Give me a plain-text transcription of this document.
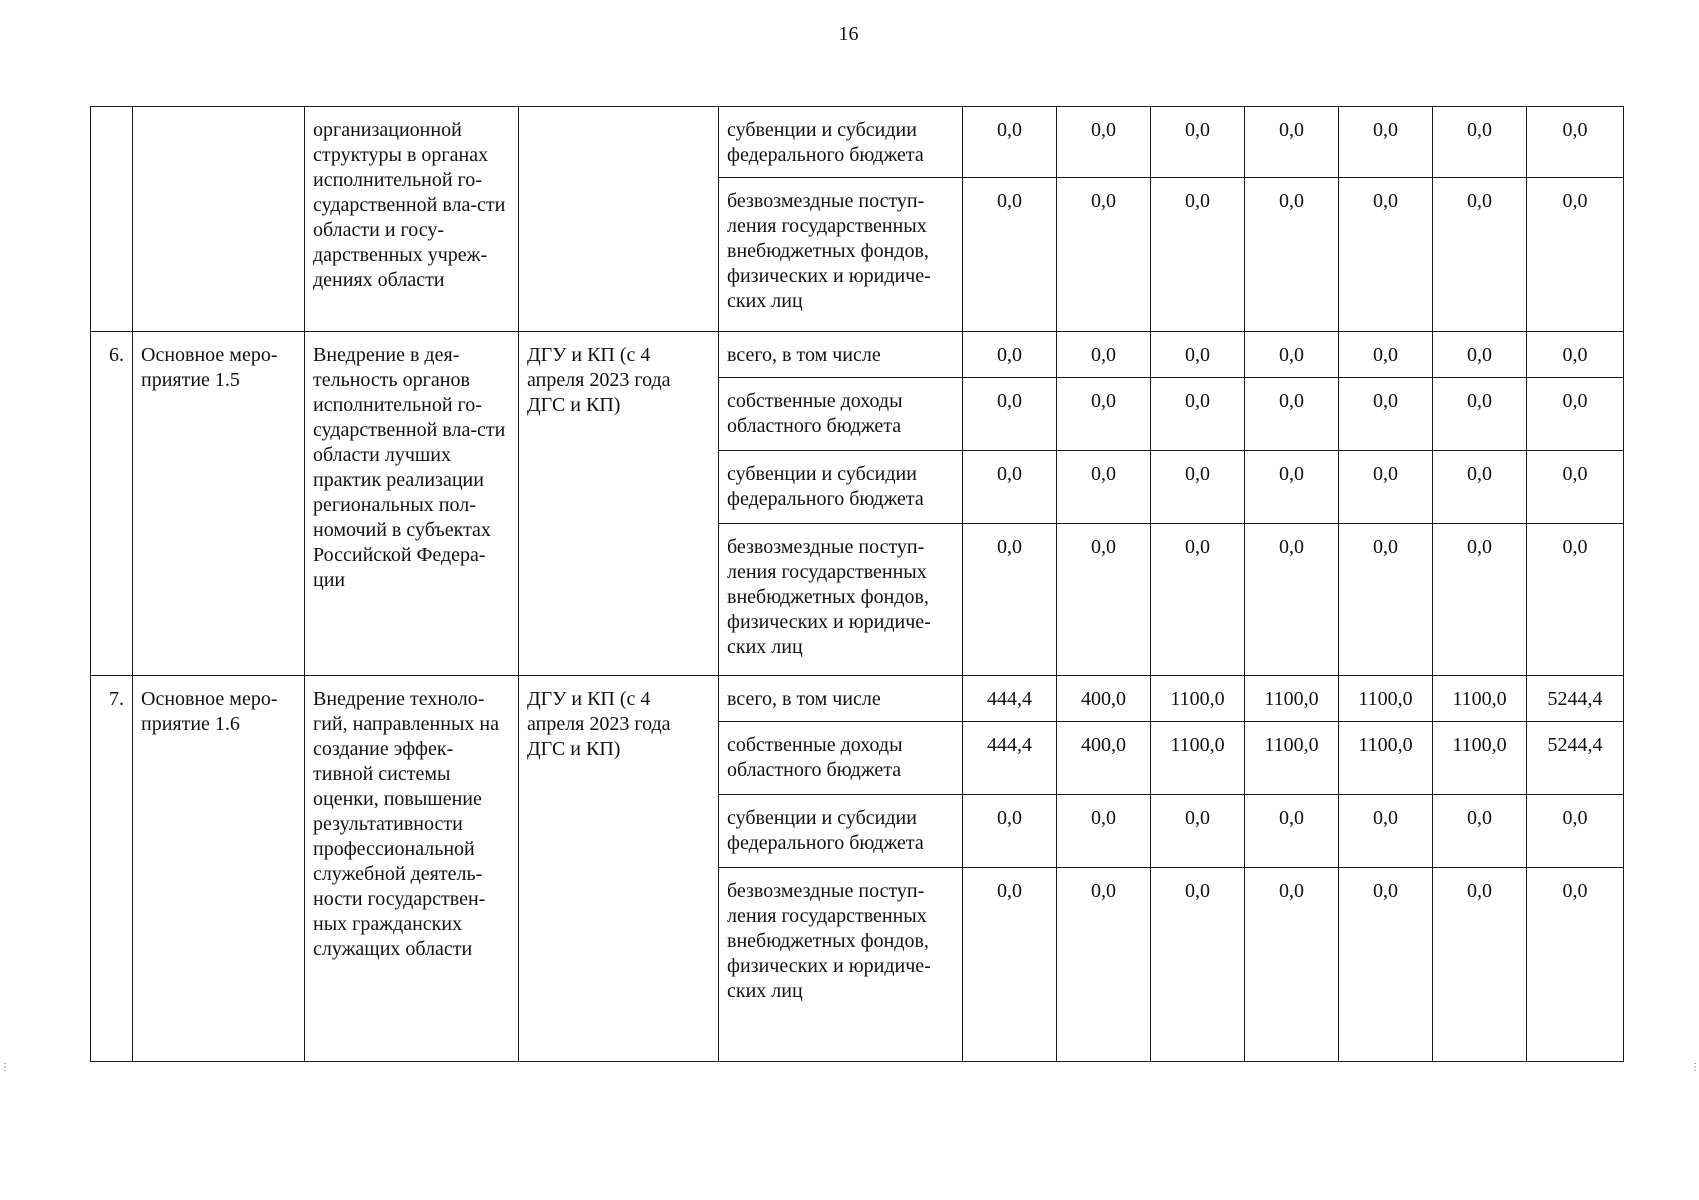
16
		организационной структуры в органах исполнительной го-сударственной вла-сти области и госу-дарственных учреж-дениях области		субвенции и субсидии федерального бюджета	0,0	0,0	0,0	0,0	0,0	0,0	0,0
				безвозмездные поступ-ления государственных внебюджетных фондов, физических и юридиче-ских лиц	0,0	0,0	0,0	0,0	0,0	0,0	0,0
6.	Основное меро-приятие 1.5	Внедрение в дея-тельность органов исполнительной го-сударственной вла-сти области лучших практик реализации региональных пол-номочий в субъектах Российской Федера-ции	ДГУ и КП (с 4 апреля 2023 года ДГС и КП)	всего, в том числе	0,0	0,0	0,0	0,0	0,0	0,0	0,0
				собственные доходы областного бюджета	0,0	0,0	0,0	0,0	0,0	0,0	0,0
				субвенции и субсидии федерального бюджета	0,0	0,0	0,0	0,0	0,0	0,0	0,0
				безвозмездные поступ-ления государственных внебюджетных фондов, физических и юридиче-ских лиц	0,0	0,0	0,0	0,0	0,0	0,0	0,0
7.	Основное меро-приятие 1.6	Внедрение техноло-гий, направленных на создание эффек-тивной системы оценки, повышение результативности профессиональной служебной деятель-ности государствен-ных гражданских служащих области	ДГУ и КП (с 4 апреля 2023 года ДГС и КП)	всего, в том числе	444,4	400,0	1100,0	1100,0	1100,0	1100,0	5244,4
				собственные доходы областного бюджета	444,4	400,0	1100,0	1100,0	1100,0	1100,0	5244,4
				субвенции и субсидии федерального бюджета	0,0	0,0	0,0	0,0	0,0	0,0	0,0
				безвозмездные поступ-ления государственных внебюджетных фондов, физических и юридиче-ских лиц	0,0	0,0	0,0	0,0	0,0	0,0	0,0
⋮	⋮
